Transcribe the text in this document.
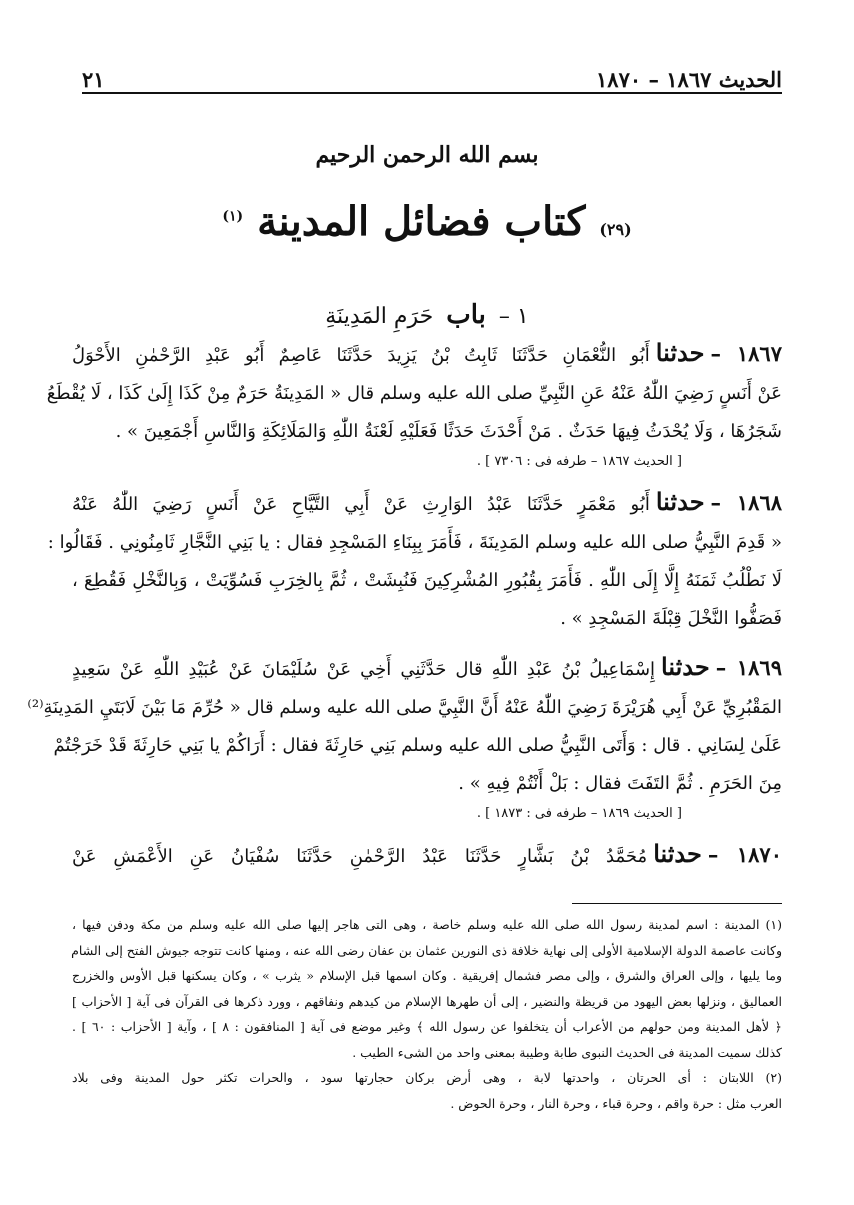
الحديث ١٨٦٧ – ١٨٧٠
٢١
بسم الله الرحمن الرحيم
(٢٩) كتاب فضائل المدينة $^{(١)}$
١ – باب حَرَمِ المَدِينَةِ
١٨٦٧ –حدثناأَبُو النُّعْمَانِ حَدَّثَنَا ثَابِتُ بْنُ يَزِيدَ حَدَّثَنَا عَاصِمٌ أَبُو عَبْدِ الرَّحْمٰنِ الأَحْوَلُ
عَنْ أَنَسٍ رَضِيَ اللّٰهُ عَنْهُ عَنِ النَّبِيِّ صلى الله عليه وسلم قال « المَدِينَةُ حَرَمٌ مِنْ كَذَا إِلَىٰ كَذَا ، لَا يُقْطَعُ
شَجَرُهَا ، وَلَا يُحْدَثُ فِيهَا حَدَثٌ . مَنْ أَحْدَثَ حَدَثًا فَعَلَيْهِ لَعْنَةُ اللّٰهِ وَالمَلَائِكَةِ وَالنَّاسِ أَجْمَعِينَ » .
[ الحديث ١٨٦٧ – طرفه فى : ٧٣٠٦ ] .
١٨٦٨ –حدثناأَبُو مَعْمَرٍ حَدَّثَنَا عَبْدُ الوَارِثِ عَنْ أَبِي التَّيَّاحِ عَنْ أَنَسٍ رَضِيَ اللّٰهُ عَنْهُ
« قَدِمَ النَّبِيُّ صلى الله عليه وسلم المَدِينَةَ ، فَأَمَرَ بِبِنَاءِ المَسْجِدِ فقال : يا بَنِي النَّجَّارِ ثَامِنُونِي . فَقَالُوا :
لَا نَطْلُبُ ثَمَنَهُ إِلَّا إِلَى اللّٰهِ . فَأَمَرَ بِقُبُورِ المُشْرِكِينَ فَنُبِشَتْ ، ثُمَّ بِالخِرَبِ فَسُوِّيَتْ ، وَبِالنَّخْلِ فَقُطِعَ ،
فَصَفُّوا النَّخْلَ قِبْلَةَ المَسْجِدِ » .
١٨٦٩ –حدثناإِسْمَاعِيلُ بْنُ عَبْدِ اللّٰهِ قال حَدَّثَنِي أَخِي عَنْ سُلَيْمَانَ عَنْ عُبَيْدِ اللّٰهِ عَنْ سَعِيدٍ
المَقْبُرِيِّ عَنْ أَبِي هُرَيْرَةَ رَضِيَ اللّٰهُ عَنْهُ أَنَّ النَّبِيَّ صلى الله عليه وسلم قال « حُرِّمَ مَا بَيْنَ لَابَتَيِ المَدِينَةِ⁽²⁾
عَلَىٰ لِسَانِي . قال : وَأَتَى النَّبِيُّ صلى الله عليه وسلم بَنِي حَارِثَةَ فقال : أَرَاكُمْ يا بَنِي حَارِثَةَ قَدْ خَرَجْتُمْ
مِنَ الحَرَمِ . ثُمَّ التَفَتَ فقال : بَلْ أَنْتُمْ فِيهِ » .
[ الحديث ١٨٦٩ – طرفه فى : ١٨٧٣ ] .
١٨٧٠ –حدثنامُحَمَّدُ بْنُ بَشَّارٍ حَدَّثَنَا عَبْدُ الرَّحْمٰنِ حَدَّثَنَا سُفْيَانُ عَنِ الأَعْمَشِ عَنْ
(١) المدينة : اسم لمدينة رسول الله صلى الله عليه وسلم خاصة ، وهى التى هاجر إليها صلى الله عليه وسلم من مكة ودفن فيها ،
وكانت عاصمة الدولة الإسلامية الأولى إلى نهاية خلافة ذى النورين عثمان بن عفان رضى الله عنه ، ومنها كانت تتوجه جيوش الفتح إلى الشام
وما يليها ، وإلى العراق والشرق ، وإلى مصر فشمال إفريقية . وكان اسمها قبل الإسلام « يثرب » ، وكان يسكنها قبل الأوس والخزرج
العماليق ، ونزلها بعض اليهود من قريظة والنضير ، إلى أن طهرها الإسلام من كيدهم ونفاقهم ، وورد ذكرها فى القرآن فى آية [ الأحزاب ]
﴿ لأهل المدينة ومن حولهم من الأعراب أن يتخلفوا عن رسول الله ﴾ وغير موضع فى آية [ المنافقون : ٨ ] ، وآية [ الأحزاب : ٦٠ ] .
كذلك سميت المدينة فى الحديث النبوى طابة وطيبة بمعنى واحد من الشىء الطيب .
(٢) اللابتان : أى الحرتان ، واحدتها لابة ، وهى أرض بركان حجارتها سود ، والحرات تكثر حول المدينة وفى بلاد
العرب مثل : حرة واقم ، وحرة قباء ، وحرة النار ، وحرة الحوض .
